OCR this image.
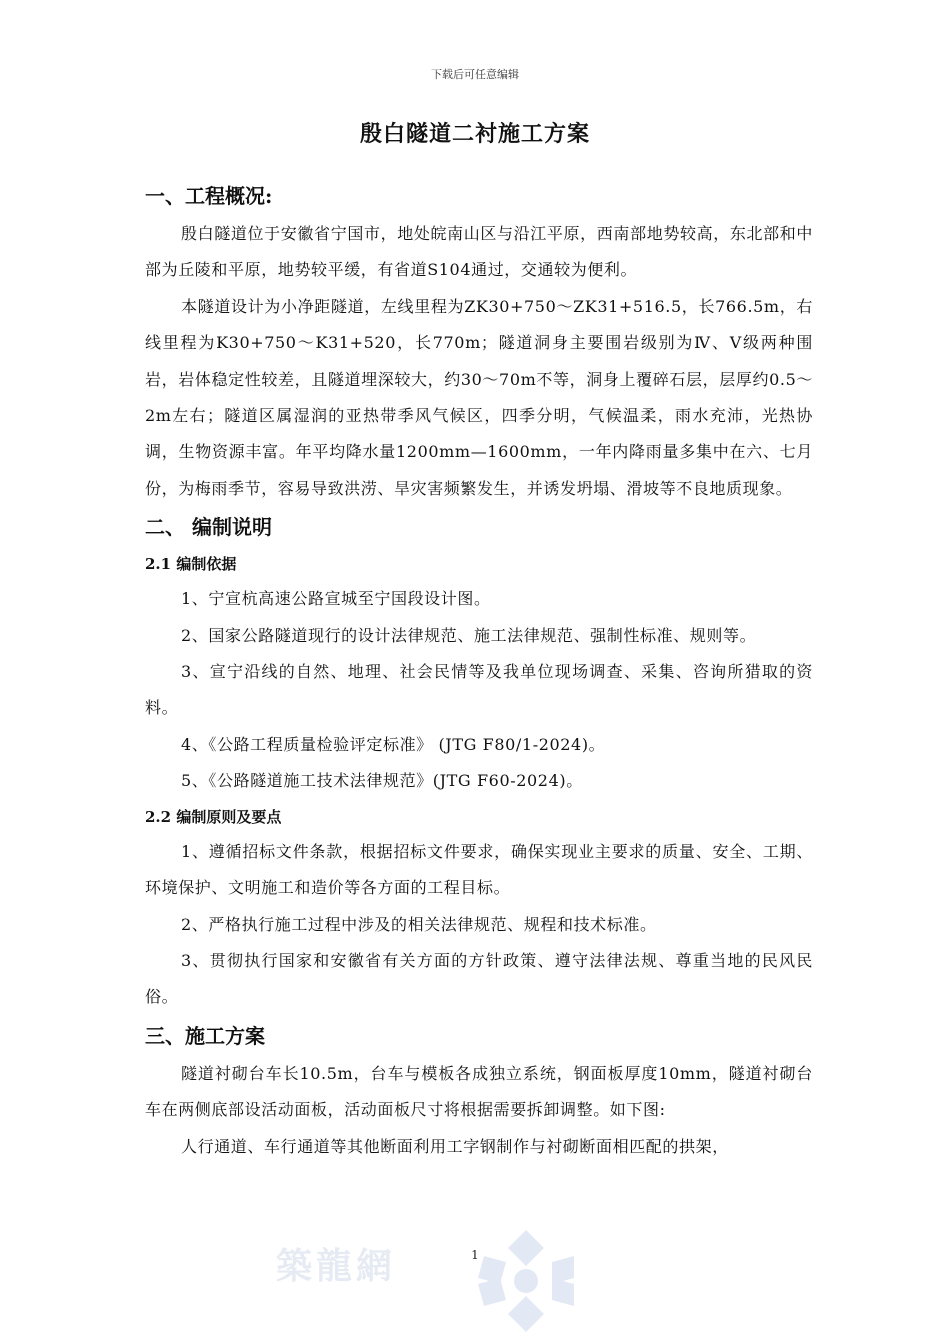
下载后可任意编辑
殷白隧道二衬施工方案
一、工程概况:

殷白隧道位于安徽省宁国市，地处皖南山区与沿江平原，西南部地势较高，东北部和中部为丘陵和平原，地势较平缓，有省道S104通过，交通较为便利。

本隧道设计为小净距隧道，左线里程为ZK30+750～ZK31+516.5，长766.5m，右线里程为K30+750～K31+520，长770m；隧道洞身主要围岩级别为Ⅳ、Ⅴ级两种围岩，岩体稳定性较差，且隧道埋深较大，约30～70m不等，洞身上覆碎石层，层厚约0.5～2m左右；隧道区属湿润的亚热带季风气候区，四季分明，气候温柔，雨水充沛，光热协调，生物资源丰富。年平均降水量1200mm—1600mm，一年内降雨量多集中在六、七月份，为梅雨季节，容易导致洪涝、旱灾害频繁发生，并诱发坍塌、滑坡等不良地质现象。

二、 编制说明
2.1 编制依据

1、宁宣杭高速公路宣城至宁国段设计图。

2、国家公路隧道现行的设计法律规范、施工法律规范、强制性标准、规则等。

3、宣宁沿线的自然、地理、社会民情等及我单位现场调查、采集、咨询所猎取的资料。

4、《公路工程质量检验评定标准》 (JTG F80/1-2024)。

5、《公路隧道施工技术法律规范》(JTG F60-2024)。

2.2 编制原则及要点

1、遵循招标文件条款，根据招标文件要求，确保实现业主要求的质量、安全、工期、环境保护、文明施工和造价等各方面的工程目标。

2、严格执行施工过程中涉及的相关法律规范、规程和技术标准。

3、贯彻执行国家和安徽省有关方面的方针政策、遵守法律法规、尊重当地的民风民俗。

三、施工方案

隧道衬砌台车长10.5m，台车与模板各成独立系统，钢面板厚度10mm，隧道衬砌台车在两侧底部设活动面板，活动面板尺寸将根据需要拆卸调整。如下图:

人行通道、车行通道等其他断面利用工字钢制作与衬砌断面相匹配的拱架，

築龍網	1
